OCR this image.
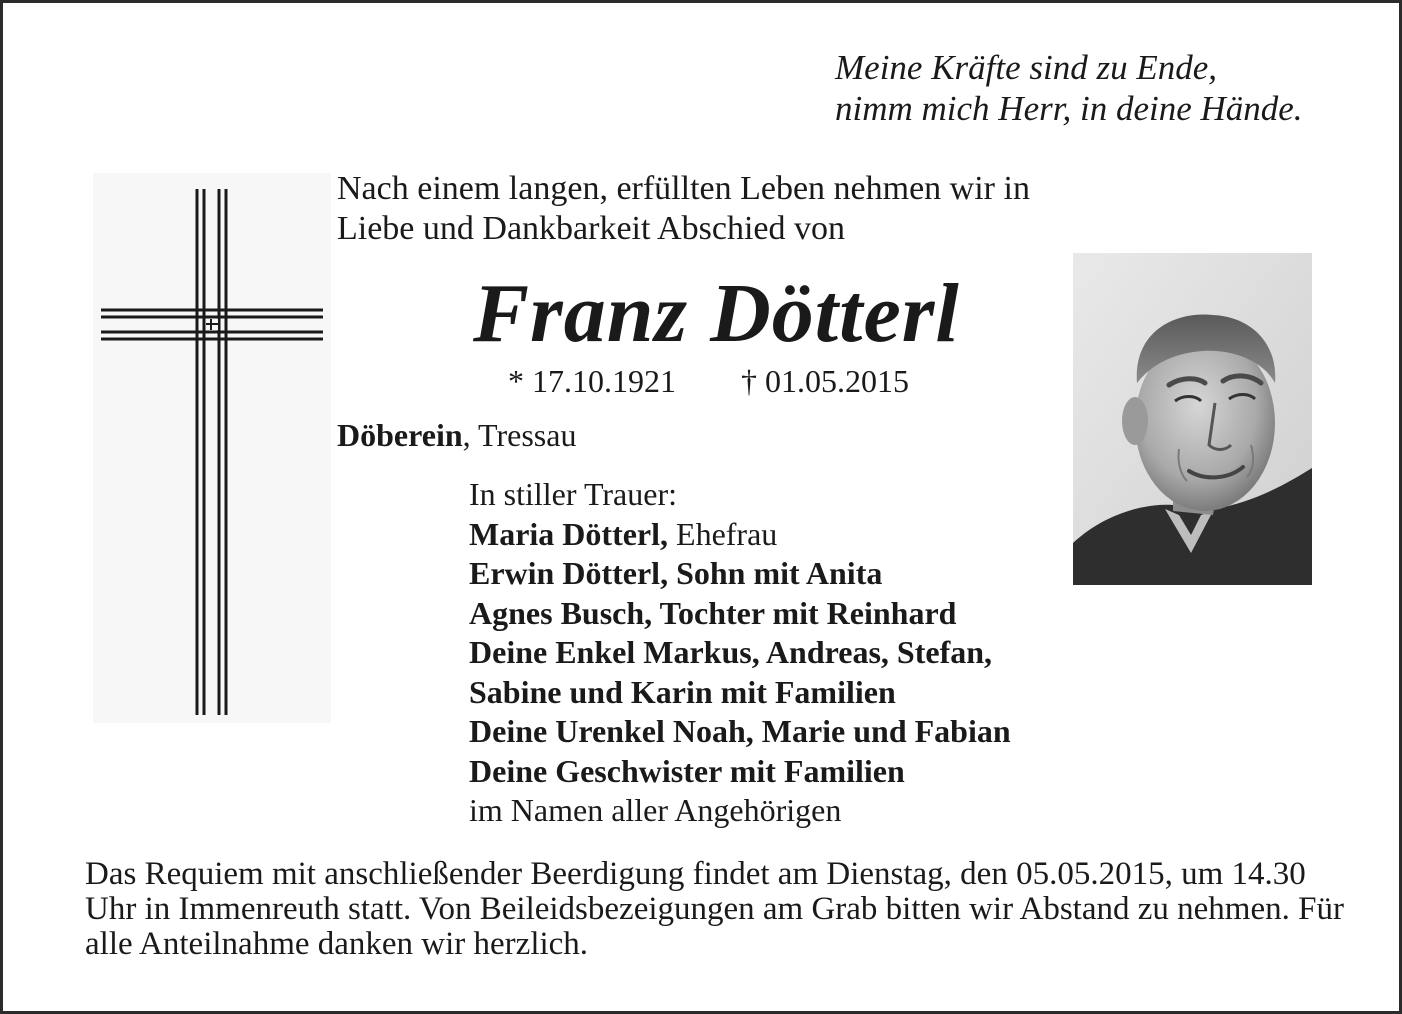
Meine Kräfte sind zu Ende,
nimm mich Herr, in deine Hände.
Nach einem langen, erfüllten Leben nehmen wir in
Liebe und Dankbarkeit Abschied von
Franz Dötterl
* 17.10.1921 † 01.05.2015
Döberein, Tressau
In stiller Trauer:
Maria Dötterl, Ehefrau
Erwin Dötterl, Sohn mit Anita
Agnes Busch, Tochter mit Reinhard
Deine Enkel Markus, Andreas, Stefan,
Sabine und Karin mit Familien
Deine Urenkel Noah, Marie und Fabian
Deine Geschwister mit Familien
im Namen aller Angehörigen
Das Requiem mit anschließender Beerdigung findet am Dienstag, den 05.05.2015, um 14.30 Uhr in Immenreuth statt. Von Beileidsbezeigungen am Grab bitten wir Abstand zu nehmen. Für alle Anteilnahme danken wir herzlich.
